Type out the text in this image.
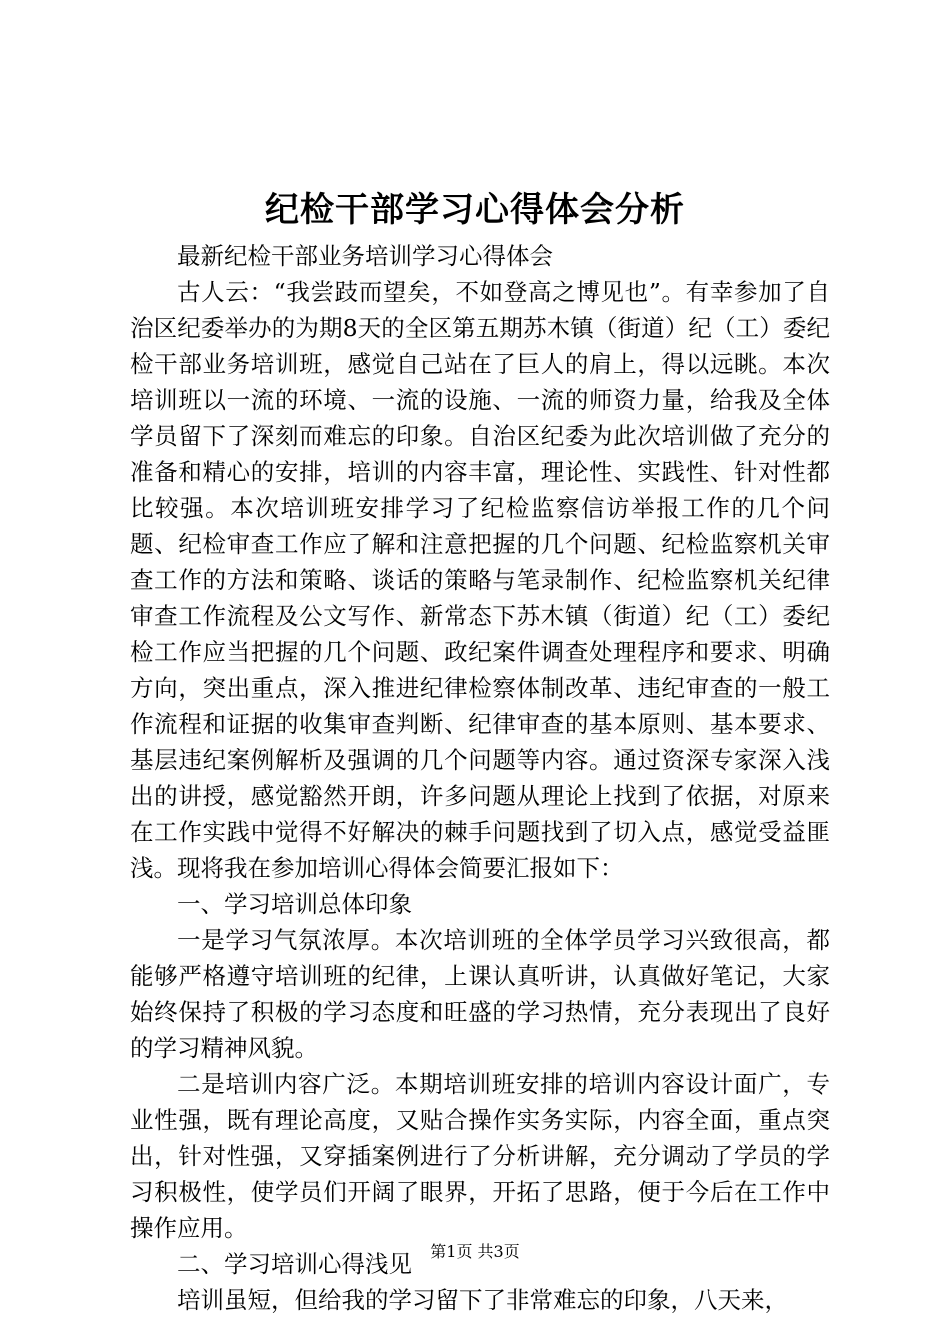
纪检干部学习心得体会分析

最新纪检干部业务培训学习心得体会

古人云：“我尝跂而望矣，不如登高之博见也”。有幸参加了自治区纪委举办的为期8天的全区第五期苏木镇（街道）纪（工）委纪检干部业务培训班，感觉自己站在了巨人的肩上，得以远眺。本次培训班以一流的环境、一流的设施、一流的师资力量，给我及全体学员留下了深刻而难忘的印象。自治区纪委为此次培训做了充分的准备和精心的安排，培训的内容丰富，理论性、实践性、针对性都比较强。本次培训班安排学习了纪检监察信访举报工作的几个问题、纪检审查工作应了解和注意把握的几个问题、纪检监察机关审查工作的方法和策略、谈话的策略与笔录制作、纪检监察机关纪律审查工作流程及公文写作、新常态下苏木镇（街道）纪（工）委纪检工作应当把握的几个问题、政纪案件调查处理程序和要求、明确方向，突出重点，深入推进纪律检察体制改革、违纪审查的一般工作流程和证据的收集审查判断、纪律审查的基本原则、基本要求、基层违纪案例解析及强调的几个问题等内容。通过资深专家深入浅出的讲授，感觉豁然开朗，许多问题从理论上找到了依据，对原来在工作实践中觉得不好解决的棘手问题找到了切入点，感觉受益匪浅。现将我在参加培训心得体会简要汇报如下：

一、学习培训总体印象

一是学习气氛浓厚。本次培训班的全体学员学习兴致很高，都能够严格遵守培训班的纪律，上课认真听讲，认真做好笔记，大家始终保持了积极的学习态度和旺盛的学习热情，充分表现出了良好的学习精神风貌。

二是培训内容广泛。本期培训班安排的培训内容设计面广，专业性强，既有理论高度，又贴合操作实务实际，内容全面，重点突出，针对性强，又穿插案例进行了分析讲解，充分调动了学员的学习积极性，使学员们开阔了眼界，开拓了思路，便于今后在工作中操作应用。

二、学习培训心得浅见

培训虽短，但给我的学习留下了非常难忘的印象，八天来，

第1页 共3页
